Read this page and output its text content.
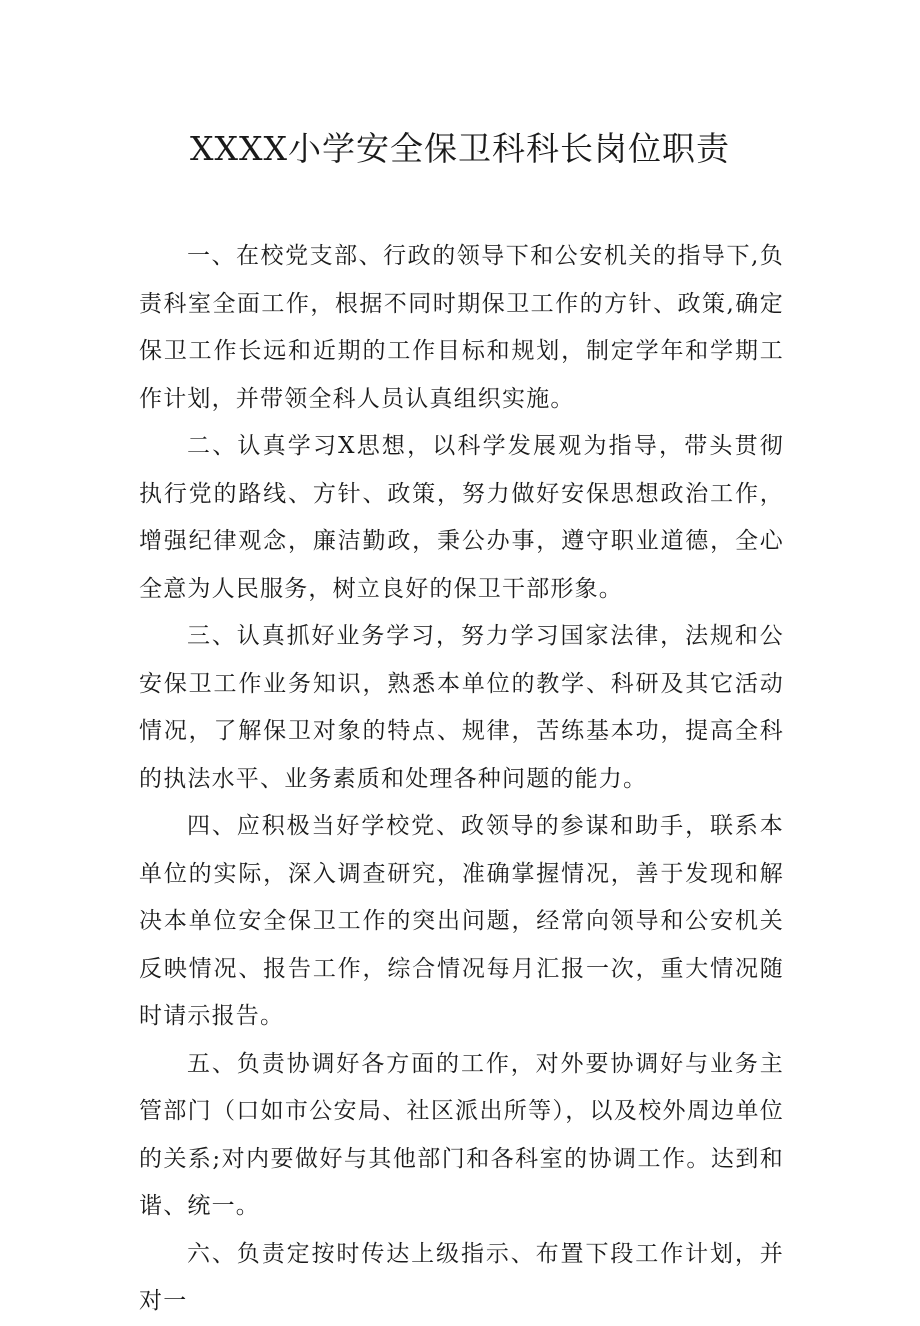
XXXX小学安全保卫科科长岗位职责

一、在校党支部、行政的领导下和公安机关的指导下,负责科室全面工作，根据不同时期保卫工作的方针、政策,确定保卫工作长远和近期的工作目标和规划，制定学年和学期工作计划，并带领全科人员认真组织实施。

二、认真学习X思想，以科学发展观为指导，带头贯彻执行党的路线、方针、政策，努力做好安保思想政治工作，增强纪律观念，廉洁勤政，秉公办事，遵守职业道德，全心全意为人民服务，树立良好的保卫干部形象。

三、认真抓好业务学习，努力学习国家法律，法规和公安保卫工作业务知识，熟悉本单位的教学、科研及其它活动情况，了解保卫对象的特点、规律，苦练基本功，提高全科的执法水平、业务素质和处理各种问题的能力。

四、应积极当好学校党、政领导的参谋和助手，联系本单位的实际，深入调查研究，准确掌握情况，善于发现和解决本单位安全保卫工作的突出问题，经常向领导和公安机关反映情况、报告工作，综合情况每月汇报一次，重大情况随时请示报告。

五、负责协调好各方面的工作，对外要协调好与业务主管部门（口如市公安局、社区派出所等），以及校外周边单位的关系;对内要做好与其他部门和各科室的协调工作。达到和谐、统一。

六、负责定按时传达上级指示、布置下段工作计划，并对一
